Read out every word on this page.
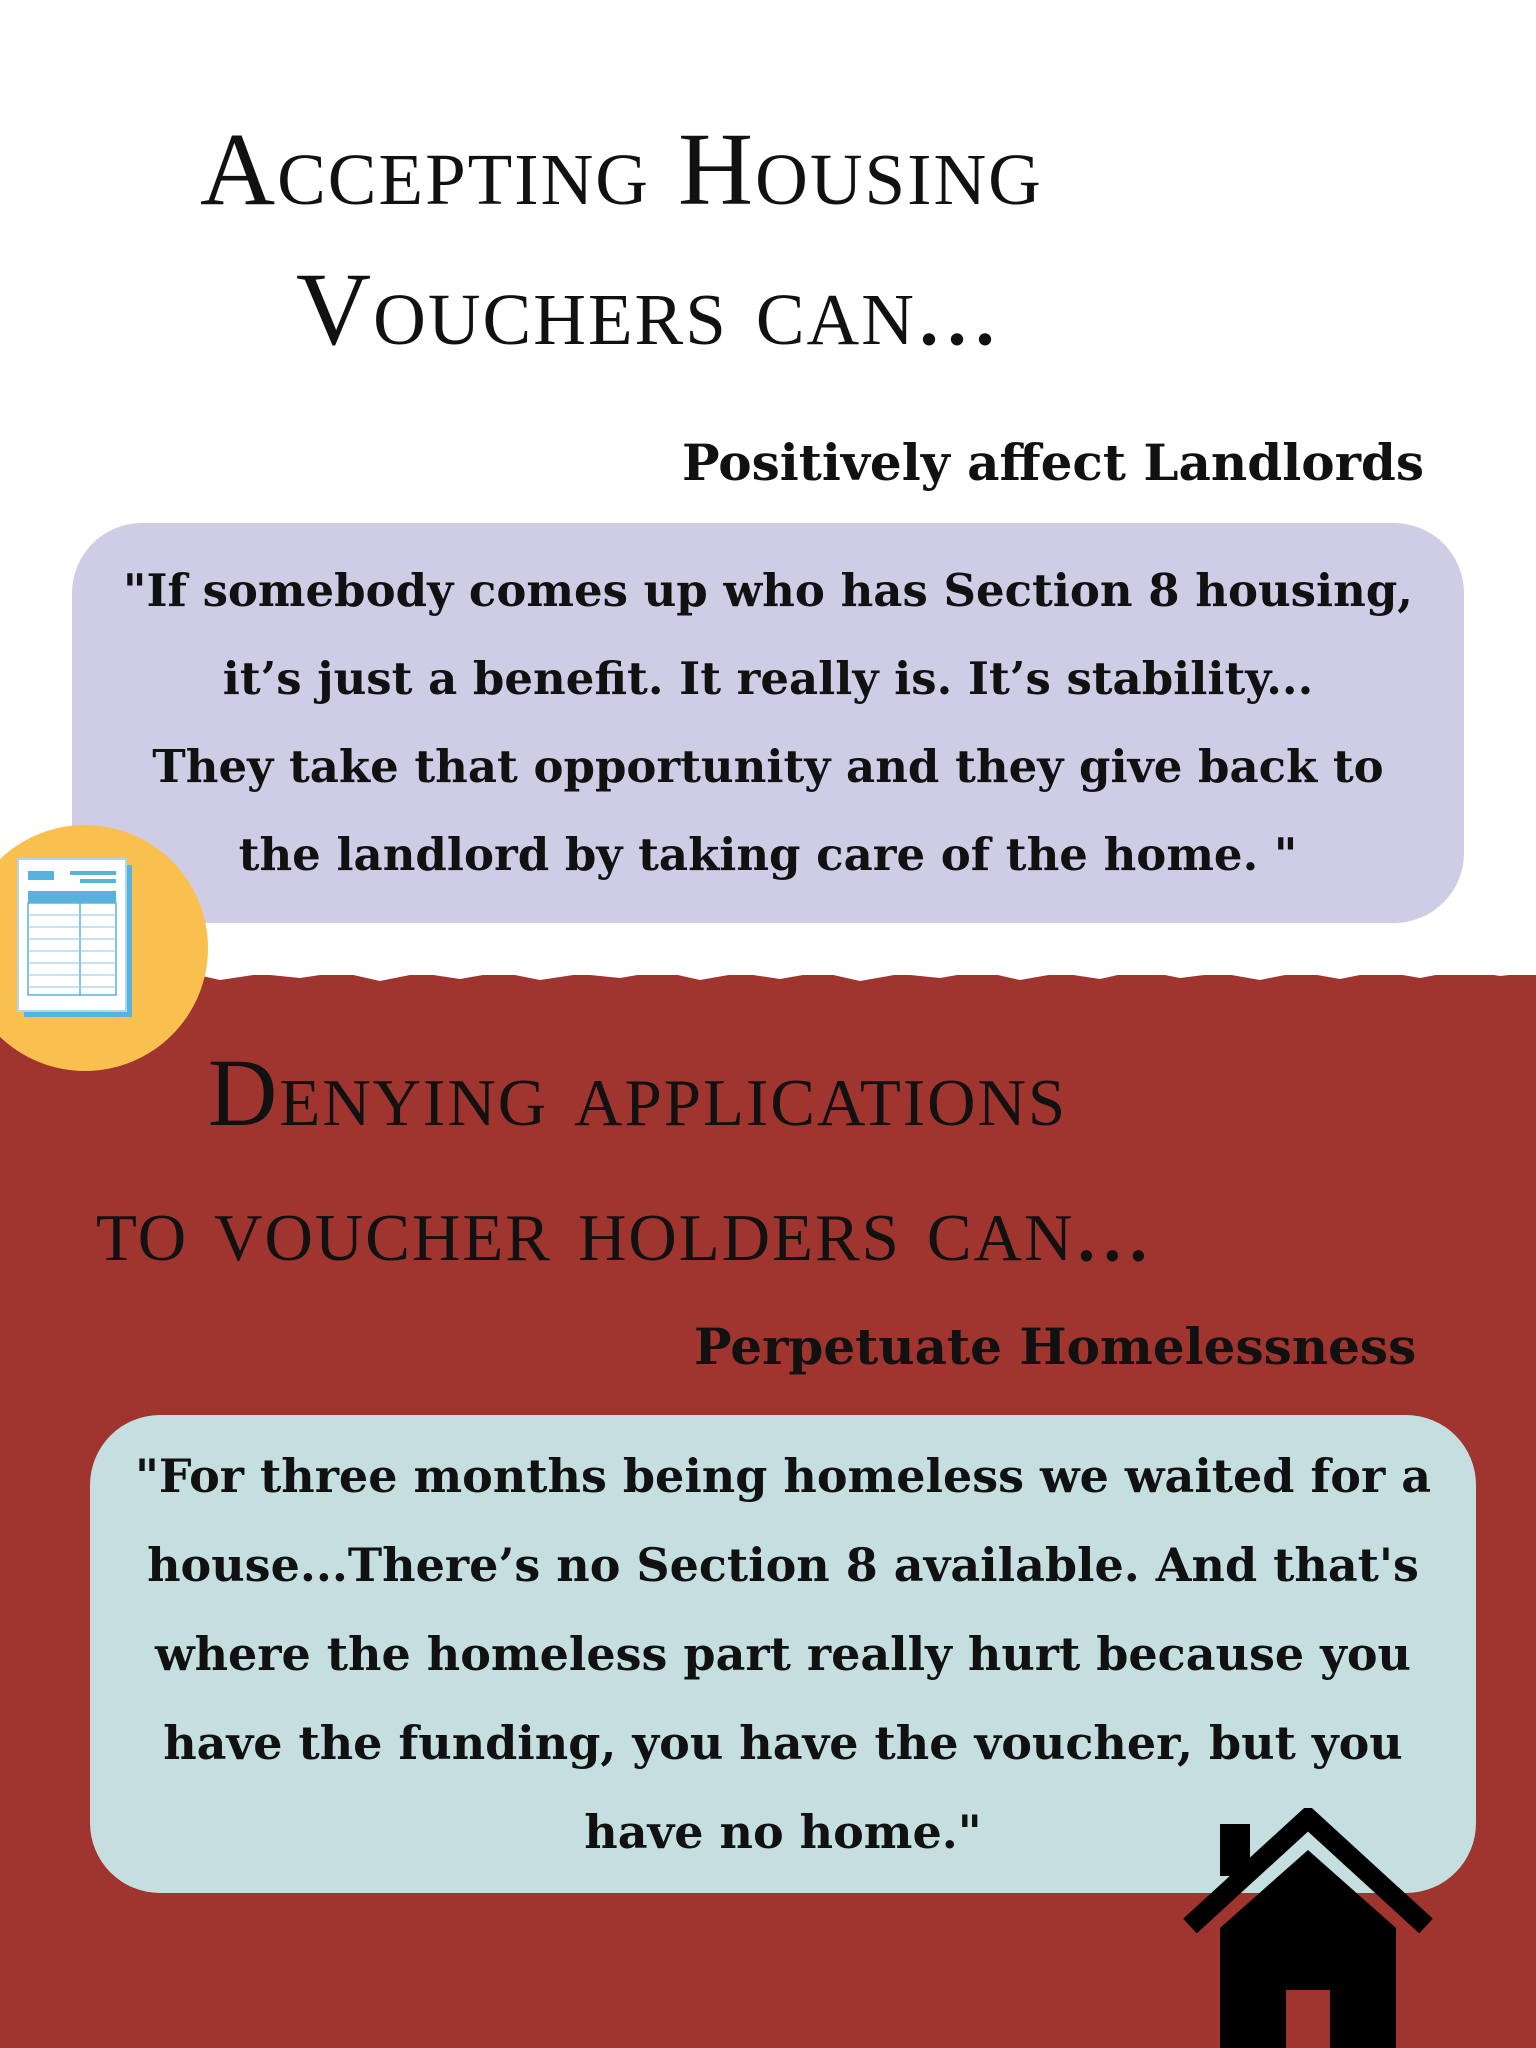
Accepting Housing
Vouchers can...

Positively affect Landlords

"If somebody comes up who has Section 8 housing,
it’s just a benefit. It really is. It’s stability...
They take that opportunity and they give back to
the landlord by taking care of the home. "

Denying applications
to voucher holders can...

Perpetuate Homelessness

"For three months being homeless we waited for a
house...There’s no Section 8 available. And that's
where the homeless part really hurt because you
have the funding, you have the voucher, but you
have no home."
